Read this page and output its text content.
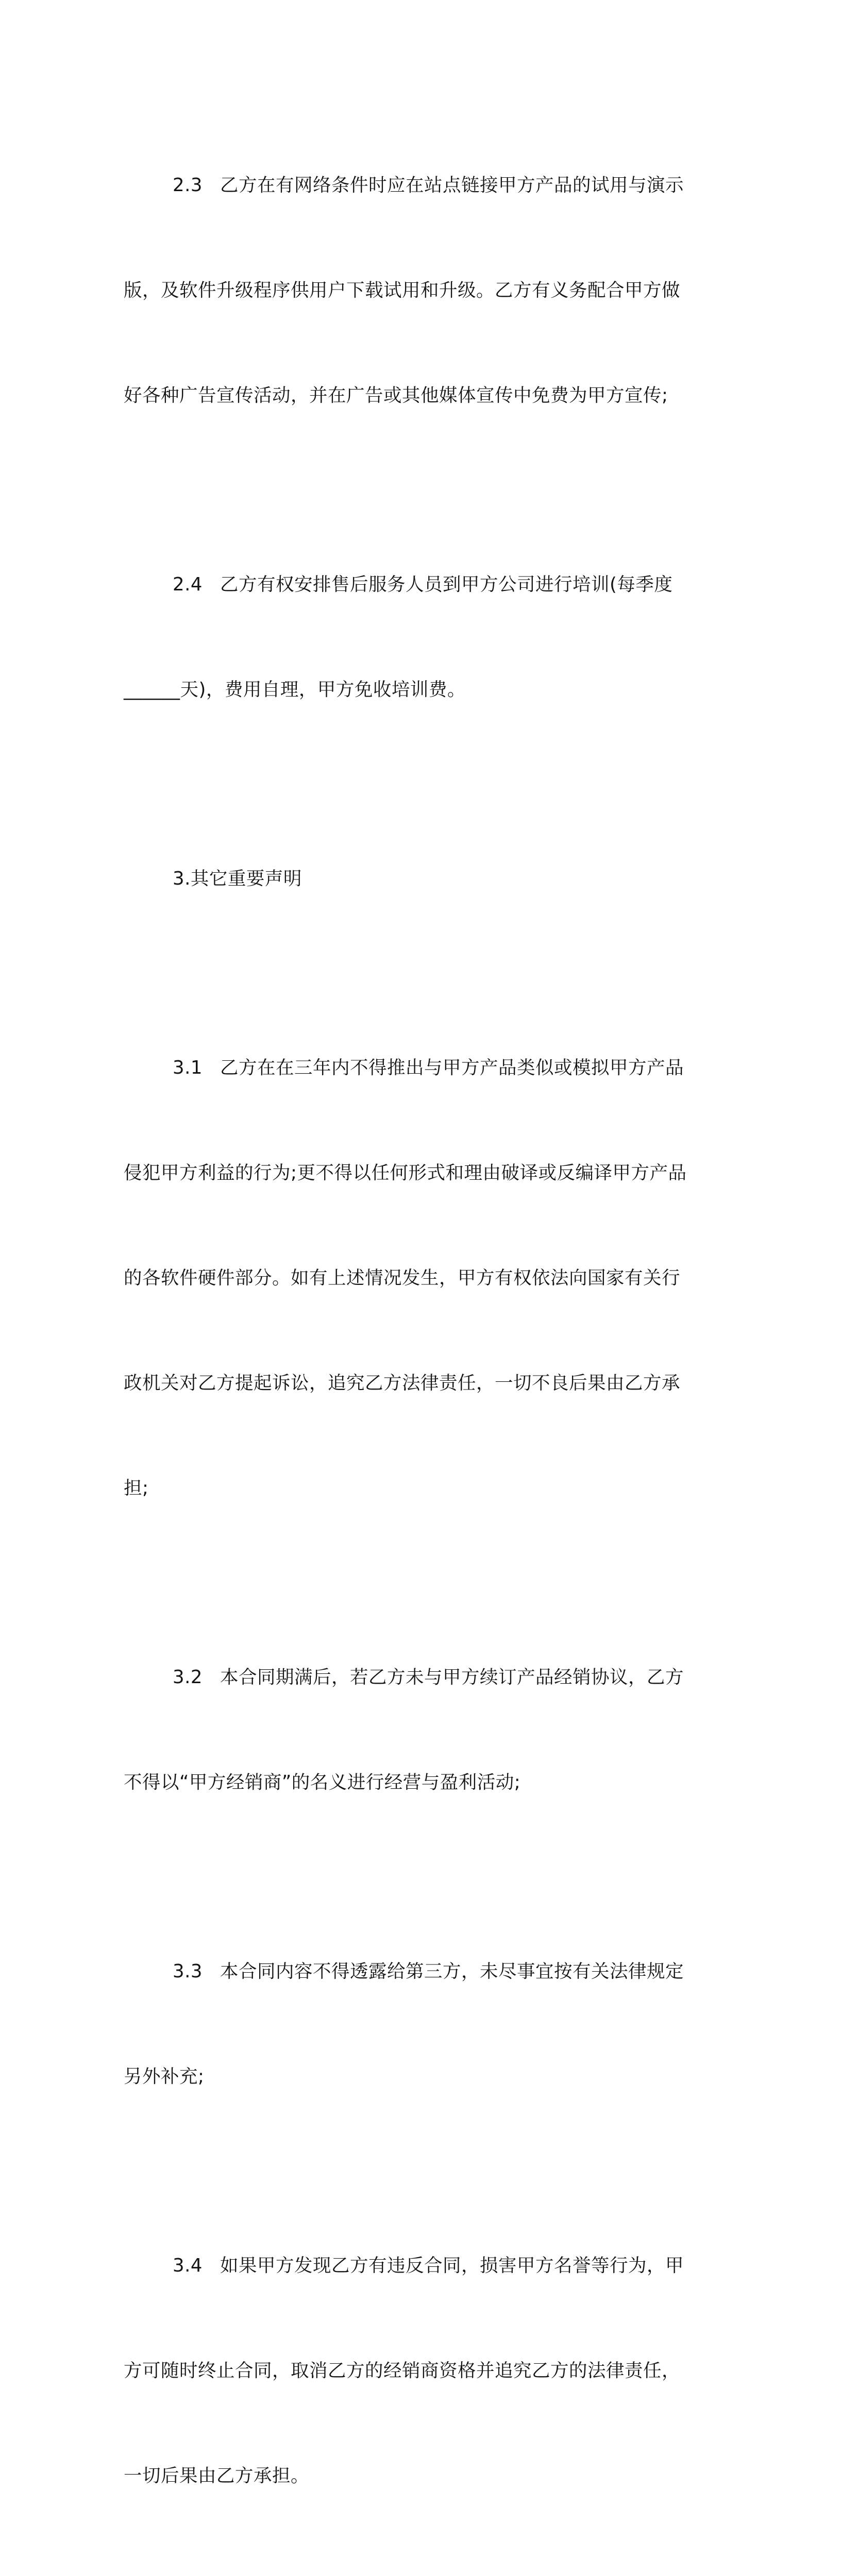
2.3 乙方在有网络条件时应在站点链接甲方产品的试用与演示

版，及软件升级程序供用户下载试用和升级。乙方有义务配合甲方做

好各种广告宣传活动，并在广告或其他媒体宣传中免费为甲方宣传;

2.4 乙方有权安排售后服务人员到甲方公司进行培训(每季度

______天)，费用自理，甲方免收培训费。

3.其它重要声明

3.1 乙方在在三年内不得推出与甲方产品类似或模拟甲方产品

侵犯甲方利益的行为;更不得以任何形式和理由破译或反编译甲方产品

的各软件硬件部分。如有上述情况发生，甲方有权依法向国家有关行

政机关对乙方提起诉讼，追究乙方法律责任，一切不良后果由乙方承

担;

3.2 本合同期满后，若乙方未与甲方续订产品经销协议，乙方

不得以“甲方经销商”的名义进行经营与盈利活动;

3.3 本合同内容不得透露给第三方，未尽事宜按有关法律规定

另外补充;

3.4 如果甲方发现乙方有违反合同，损害甲方名誉等行为，甲

方可随时终止合同，取消乙方的经销商资格并追究乙方的法律责任，

一切后果由乙方承担。
